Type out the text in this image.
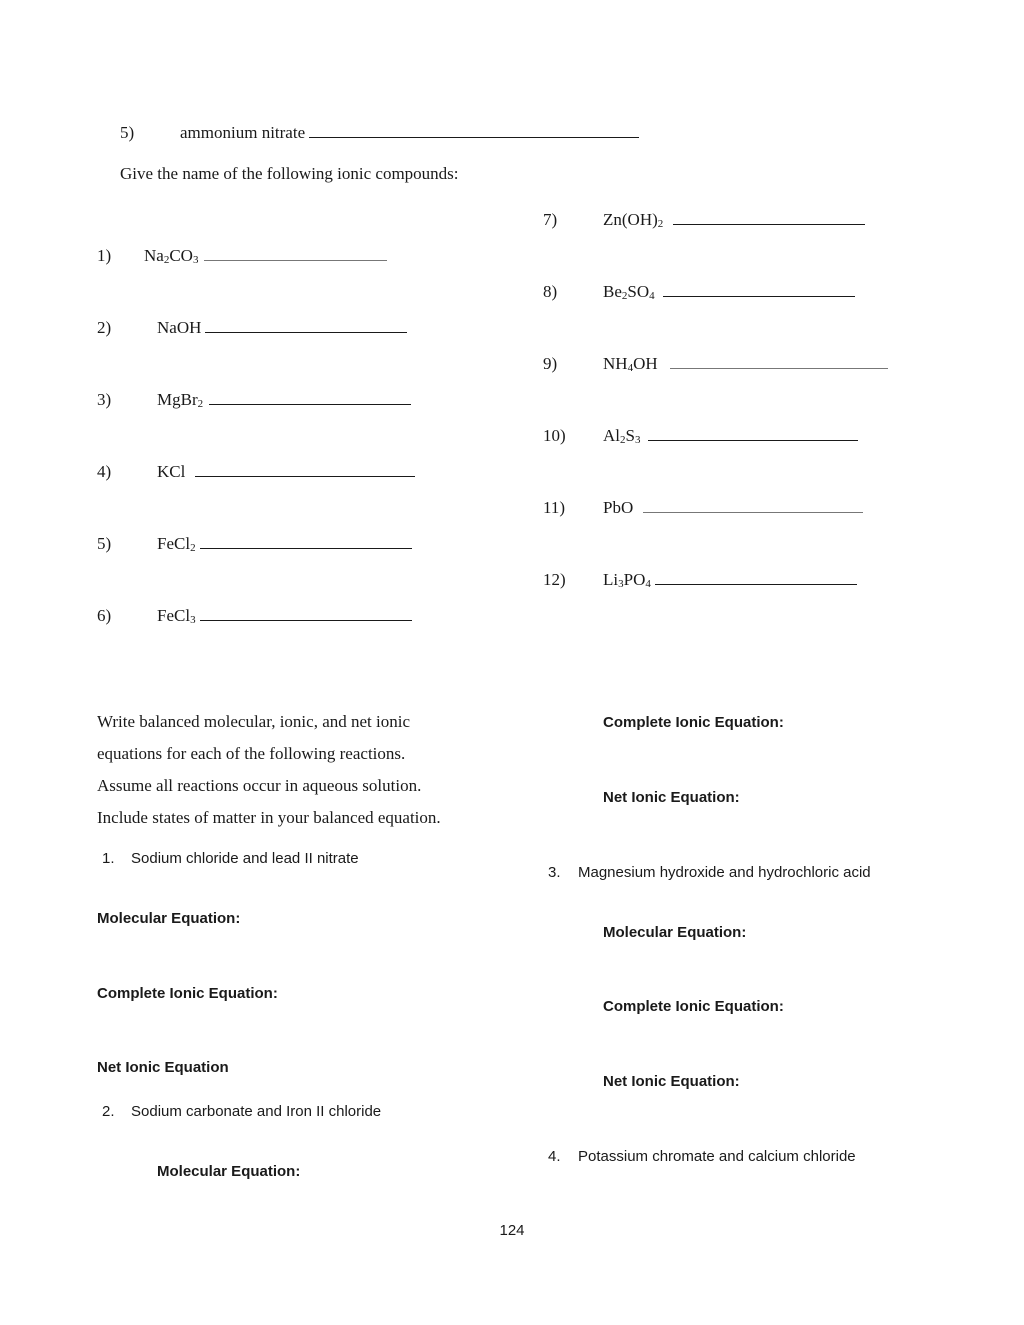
5)	ammonium nitrate
Give the name of the following ionic compounds:
1) $Na_2CO_3$
2)	NaOH
3)	MgBr$_2$
4)	KCl
5)	FeCl$_2$
6)	FeCl$_3$
7)	$Zn(OH)_2$
8)	$Be_2SO_4$
9)	$NH_4OH$
10) $Al_2S_3$
11) PbO
12) $Li_3PO_4$
Write balanced molecular, ionic, and net ionic
equations for each of the following reactions.
Assume all reactions occur in aqueous solution.
Include states of matter in your balanced equation.
1. Sodium chloride and lead II nitrate
Molecular Equation:
Complete Ionic Equation:
Net Ionic Equation
2. Sodium carbonate and Iron II chloride
Molecular Equation:
Complete Ionic Equation:
Net Ionic Equation:
3. Magnesium hydroxide and hydrochloric acid
Molecular Equation:
Complete Ionic Equation:
Net Ionic Equation:
4. Potassium chromate and calcium chloride
124
